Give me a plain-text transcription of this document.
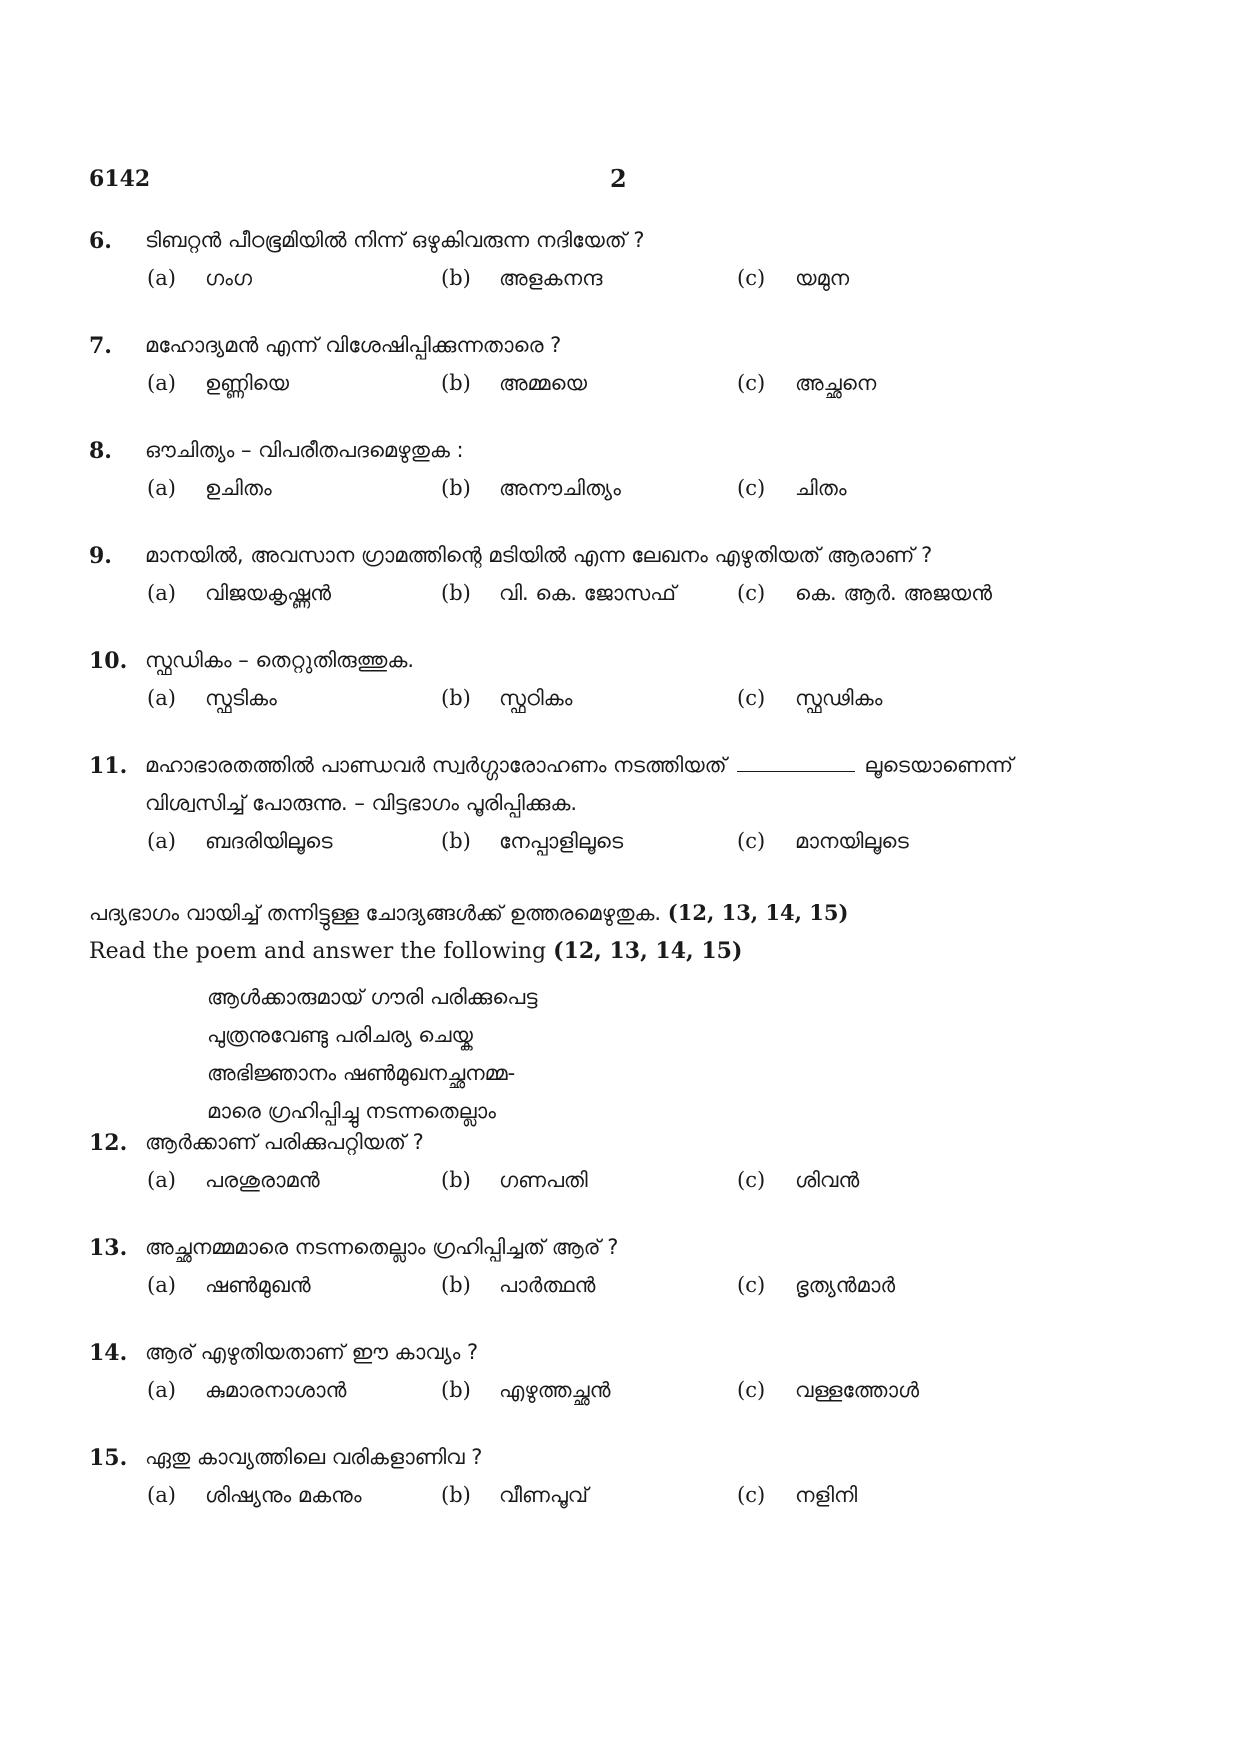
6142	2
6. ടിബറ്റൻ പീഠഭൂമിയിൽ നിന്ന് ഒഴുകിവരുന്ന നദിയേത് ?
(a) ഗംഗ	(b) അളകനന്ദ	(c) യമുന
7. മഹോദ്യമൻ എന്ന് വിശേഷിപ്പിക്കുന്നതാരെ ?
(a) ഉണ്ണിയെ	(b) അമ്മയെ	(c) അച്ഛനെ
8. ഔചിത്യം – വിപരീതപദമെഴുതുക :
(a) ഉചിതം	(b) അനൗചിത്യം	(c) ചിതം
9. മാനയിൽ, അവസാന ഗ്രാമത്തിന്റെ മടിയിൽ എന്ന ലേഖനം എഴുതിയത് ആരാണ് ?
(a) വിജയകൃഷ്ണൻ	(b) വി. കെ. ജോസഫ്	(c) കെ. ആർ. അജയൻ
10. സ്ഫഡികം – തെറ്റുതിരുത്തുക.
(a) സ്ഫടികം	(b) സ്ഫഠികം	(c) സ്ഫഢികം
11. മഹാഭാരതത്തിൽ പാണ്ഡവർ സ്വർഗ്ഗാരോഹണം നടത്തിയത്	ലൂടെയാണെന്ന്
വിശ്വസിച്ച് പോരുന്നു. – വിട്ടഭാഗം പൂരിപ്പിക്കുക.
(a) ബദരിയിലൂടെ	(b) നേപ്പാളിലൂടെ	(c) മാനയിലൂടെ
പദ്യഭാഗം വായിച്ച് തന്നിട്ടുള്ള ചോദ്യങ്ങൾക്ക് ഉത്തരമെഴുതുക. (12, 13, 14, 15)
Read the poem and answer the following (12, 13, 14, 15)
ആൾക്കാരുമായ് ഗൗരി പരിക്കുപെട്ട
പുത്രനുവേണ്ടു പരിചര്യ ചെയ്ക
അഭിജ്ഞാനം ഷൺമുഖനച്ഛനമ്മ-
മാരെ ഗ്രഹിപ്പിച്ചു നടന്നതെല്ലാം
12. ആർക്കാണ് പരിക്കുപറ്റിയത് ?
(a) പരശുരാമൻ	(b) ഗണപതി	(c) ശിവൻ
13. അച്ഛനമ്മമാരെ നടന്നതെല്ലാം ഗ്രഹിപ്പിച്ചത് ആര് ?
(a) ഷൺമുഖൻ	(b) പാർത്ഥൻ	(c) ഭൃത്യൻമാർ
14. ആര് എഴുതിയതാണ് ഈ കാവ്യം ?
(a) കുമാരനാശാൻ	(b) എഴുത്തച്ഛൻ	(c) വള്ളത്തോൾ
15. ഏതു കാവ്യത്തിലെ വരികളാണിവ ?
(a) ശിഷ്യനും മകനും	(b) വീണപൂവ്	(c) നളിനി
